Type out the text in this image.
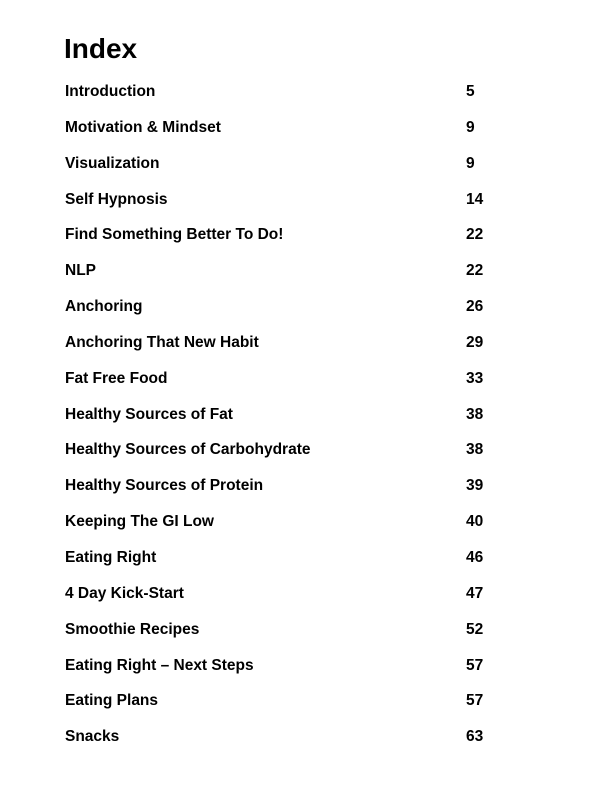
Index
Introduction	5
Motivation & Mindset	9
Visualization	9
Self Hypnosis	14
Find Something Better To Do!	22
NLP	22
Anchoring	26
Anchoring That New Habit	29
Fat Free Food	33
Healthy Sources of Fat	38
Healthy Sources of Carbohydrate	38
Healthy Sources of Protein	39
Keeping The GI Low	40
Eating Right	46
4 Day Kick-Start	47
Smoothie Recipes	52
Eating Right – Next Steps	57
Eating Plans	57
Snacks	63
